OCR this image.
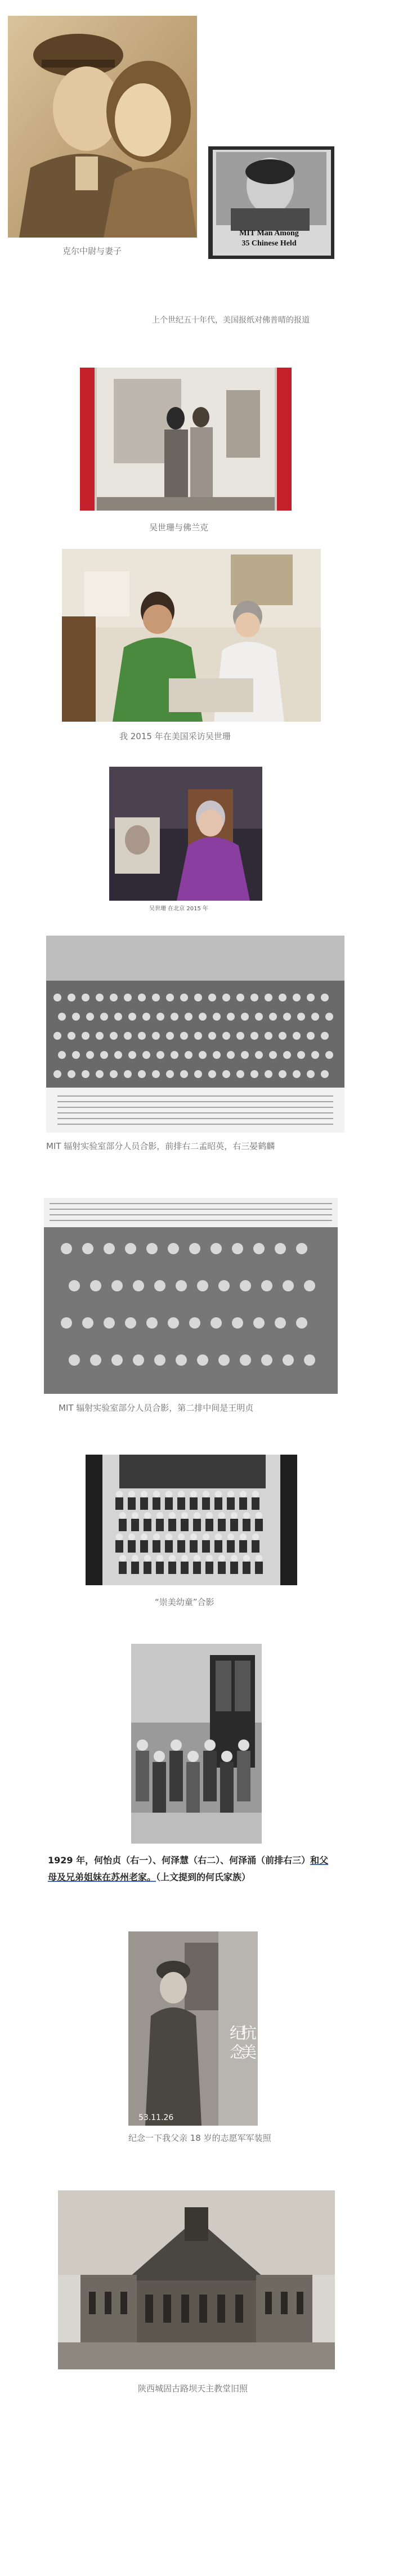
MIT Man Among
35 Chinese Held
上个世纪五十年代，美国报纸对佛普晴的报道
克尔中尉与妻子
吴世珊与佛兰克
我 2015 年在美国采访吴世珊
吴世珊 在北京 2015 年
MIT 辐射实验室部分人员合影，前排右二孟昭英，右三晏鹤麟
MIT 辐射实验室部分人员合影，第二排中间是王明贞
“崇美幼童”合影
1929 年，何怡贞（右一）、何泽慧（右二）、何泽涌（前排右三）和父
母及兄弟姐妹在苏州老家。（上文提到的何氏家族）
抗
美
纪
念
53.11.26
纪念一下我父亲 18 岁的志愿军军装照
陕西城固古路坝天主教堂旧照
